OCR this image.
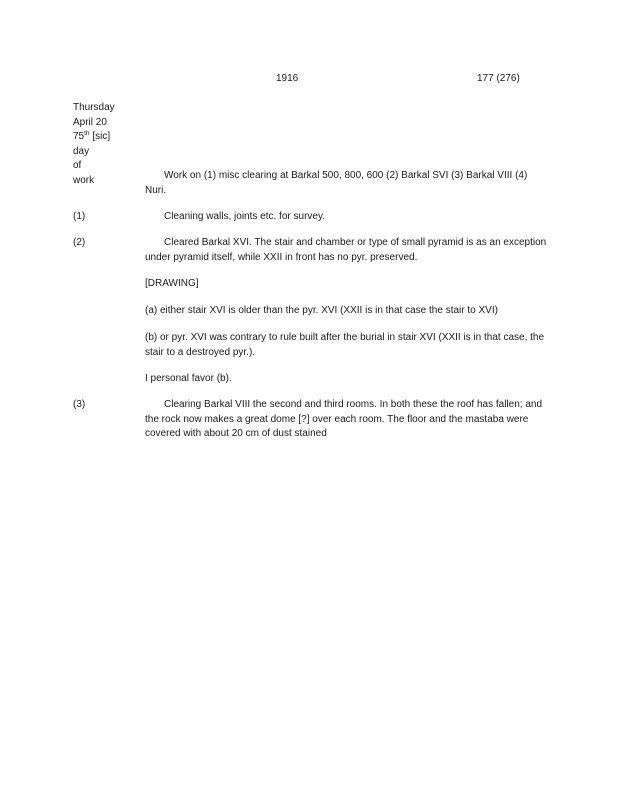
1916	177 (276)
Thursday
April 20
75th [sic]
day
of
work	Work on (1) misc clearing at Barkal 500, 800, 600 (2) Barkal SVI (3) Barkal VIII (4) Nuri.

(1)	Cleaning walls, joints etc. for survey.

(2)	Cleared Barkal XVI. The stair and chamber or type of small pyramid is as an exception under pyramid itself, while XXII in front has no pyr. preserved.

[DRAWING]

(a) either stair XVI is older than the pyr. XVI (XXII is in that case the stair to XVI)

(b) or pyr. XVI was contrary to rule built after the burial in stair XVI (XXII is in that case, the stair to a destroyed pyr.).

I personal favor (b).

(3)	Clearing Barkal VIII the second and third rooms. In both these the roof has fallen; and the rock now makes a great dome [?] over each room. The floor and the mastaba were covered with about 20 cm of dust stained
